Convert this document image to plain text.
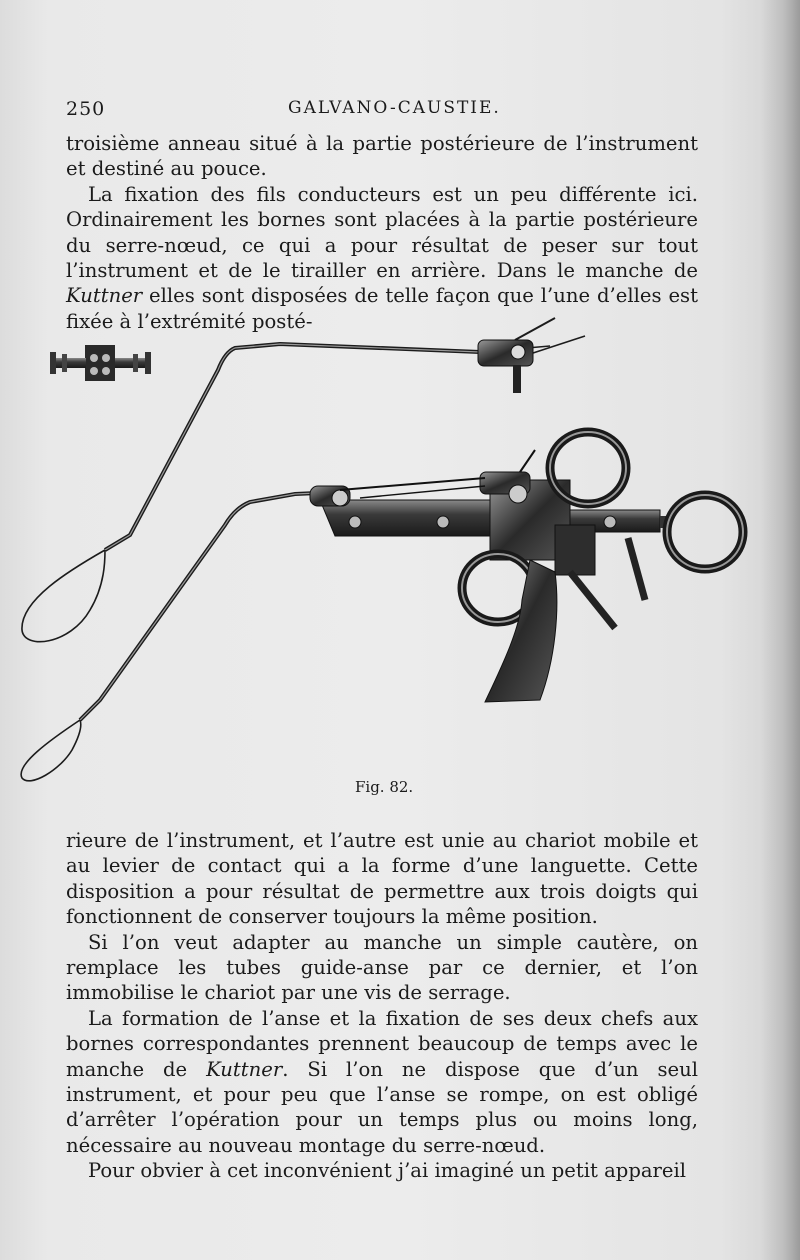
250	GALVANO-CAUSTIE.

troisième anneau situé à la partie postérieure de l’instrument et destiné au pouce.

La fixation des fils conducteurs est un peu différente ici. Ordinairement les bornes sont placées à la partie postérieure du serre-nœud, ce qui a pour résultat de peser sur tout l’instrument et de le tirailler en arrière. Dans le manche de Kuttner elles sont disposées de telle façon que l’une d’elles est fixée à l’extrémité posté-

Fig. 82.

rieure de l’instrument, et l’autre est unie au chariot mobile et au levier de contact qui a la forme d’une languette. Cette disposition a pour résultat de permettre aux trois doigts qui fonctionnent de conserver toujours la même position.

Si l’on veut adapter au manche un simple cautère, on remplace les tubes guide-anse par ce dernier, et l’on immobilise le chariot par une vis de serrage.

La formation de l’anse et la fixation de ses deux chefs aux bornes correspondantes prennent beaucoup de temps avec le manche de Kuttner. Si l’on ne dispose que d’un seul instrument, et pour peu que l’anse se rompe, on est obligé d’arrêter l’opération pour un temps plus ou moins long, nécessaire au nouveau montage du serre-nœud.

Pour obvier à cet inconvénient j’ai imaginé un petit appareil
